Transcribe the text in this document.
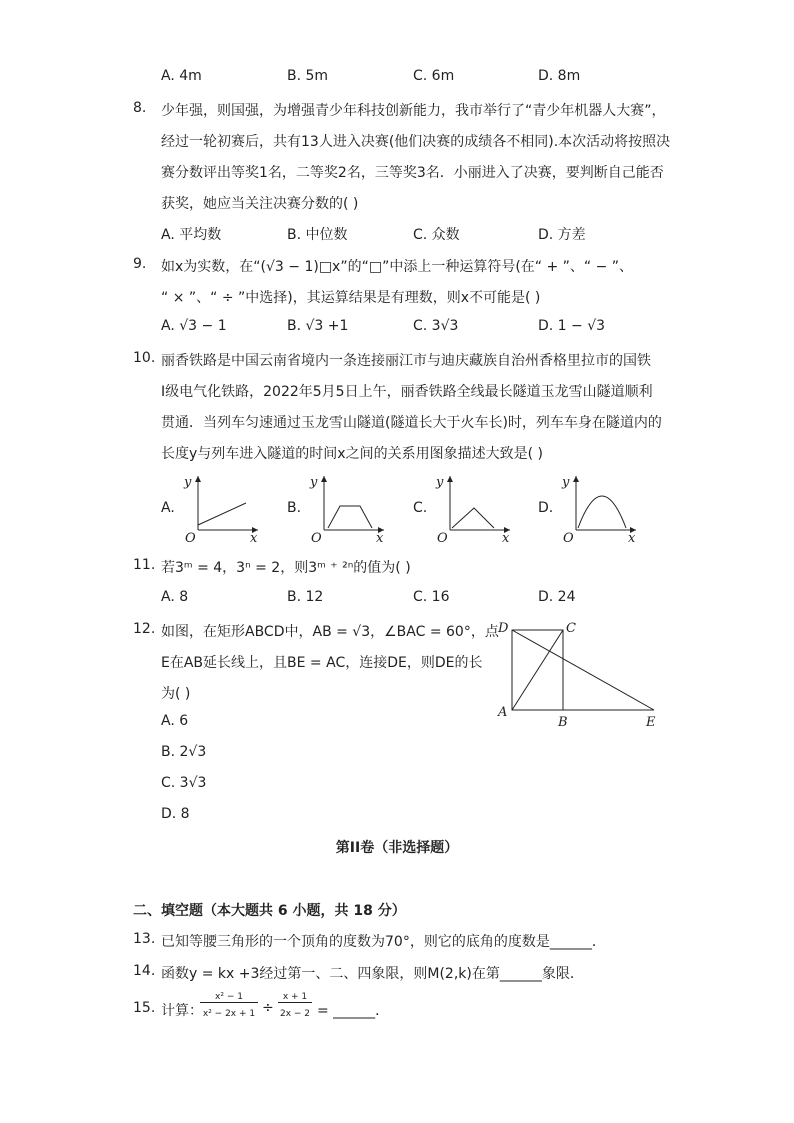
A. 4m	B. 5m	C. 6m	D. 8m
8. 少年强，则国强，为增强青少年科技创新能力，我市举行了“青少年机器人大赛”，
经过一轮初赛后，共有13人进入决赛(他们决赛的成绩各不相同).本次活动将按照决
赛分数评出等奖1名，二等奖2名，三等奖3名．小丽进入了决赛，要判断自己能否
获奖，她应当关注决赛分数的( )
A. 平均数	B. 中位数	C. 众数	D. 方差
9. 如x为实数，在“(√3 − 1)□x”的“□”中添上一种运算符号(在“ + ”、“ − ”、
“ × ”、“ ÷ ”中选择)，其运算结果是有理数，则x不可能是( )
A. √3 − 1	B. √3 +1	C. 3√3	D. 1 − √3
10. 丽香铁路是中国云南省境内一条连接丽江市与迪庆藏族自治州香格里拉市的国铁
Ⅰ级电气化铁路，2022年5月5日上午，丽香铁路全线最长隧道玉龙雪山隧道顺利
贯通．当列车匀速通过玉龙雪山隧道(隧道长大于火车长)时，列车车身在隧道内的
长度y与列车进入隧道的时间x之间的关系用图象描述大致是( )
A.
y
x
O
B.
y
x
O
C.
y
x
O
D.
y
x
O
11. 若3ᵐ = 4，3ⁿ = 2，则3ᵐ ⁺ ²ⁿ的值为( )
A. 8	B. 12	C. 16	D. 24
12. 如图，在矩形ABCD中，AB = √3，∠BAC = 60°，点
E在AB延长线上，且BE = AC，连接DE，则DE的长
为( )
A. 6
B. 2√3
C. 3√3
D. 8
D	C
A
B	E
第II卷（非选择题）
二、填空题（本大题共 6 小题，共 18 分）
13. 已知等腰三角形的一个顶角的度数为70°，则它的底角的度数是______．
14. 函数y = kx +3经过第一、二、四象限，则M(2,k)在第______象限．
15. 计算：
x² − 1
x² − 2x + 1 ÷
x + 1
2x − 2 = ______．
